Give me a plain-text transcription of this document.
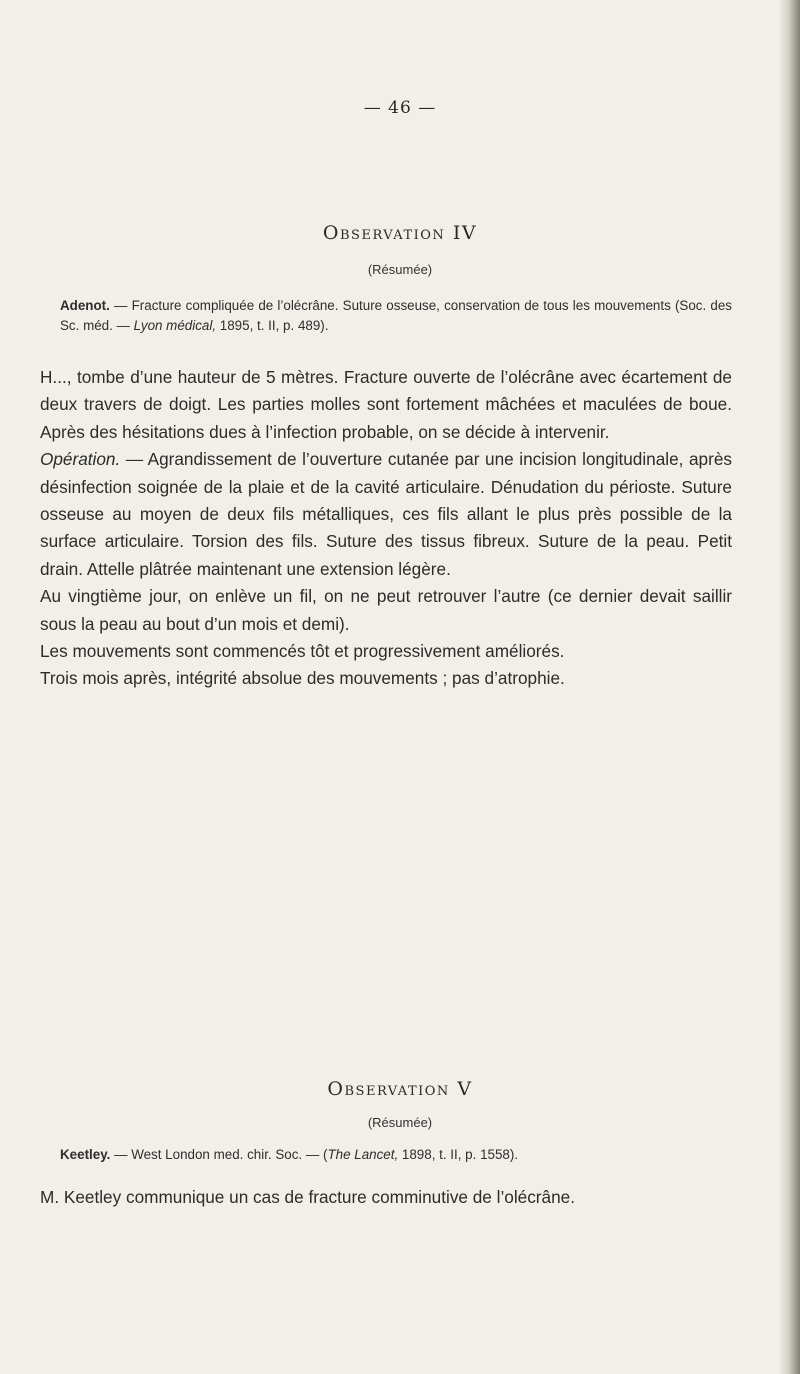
— 46 —
Observation IV
(Résumée)
Adenot. — Fracture compliquée de l’olécrâne. Suture osseuse, conservation de tous les mouvements (Soc. des Sc. méd. — Lyon médical, 1895, t. II, p. 489).

H..., tombe d’une hauteur de 5 mètres. Fracture ouverte de l’olécrâne avec écartement de deux travers de doigt. Les parties molles sont fortement mâchées et maculées de boue. Après des hésitations dues à l’infection probable, on se décide à intervenir.

Opération. — Agrandissement de l’ouverture cutanée par une incision longitudinale, après désinfection soignée de la plaie et de la cavité articulaire. Dénudation du périoste. Suture osseuse au moyen de deux fils métalliques, ces fils allant le plus près possible de la surface articulaire. Torsion des fils. Suture des tissus fibreux. Suture de la peau. Petit drain. Attelle plâtrée maintenant une extension légère.

Au vingtième jour, on enlève un fil, on ne peut retrouver l’autre (ce dernier devait saillir sous la peau au bout d’un mois et demi).

Les mouvements sont commencés tôt et progressivement améliorés.

Trois mois après, intégrité absolue des mouvements ; pas d’atrophie.

Observation V
(Résumée)
Keetley. — West London med. chir. Soc. — (The Lancet, 1898, t. II, p. 1558).

M. Keetley communique un cas de fracture comminutive de l’olécrâne.
